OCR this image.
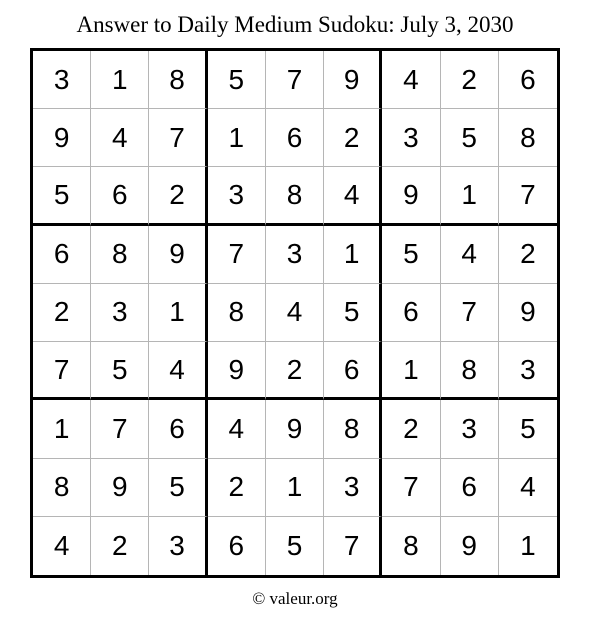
Answer to Daily Medium Sudoku: July 3, 2030
3	1	8	5	7	9	4	2	6
9	4	7	1	6	2	3	5	8
5	6	2	3	8	4	9	1	7
6	8	9	7	3	1	5	4	2
2	3	1	8	4	5	6	7	9
7	5	4	9	2	6	1	8	3
1	7	6	4	9	8	2	3	5
8	9	5	2	1	3	7	6	4
4	2	3	6	5	7	8	9	1
© valeur.org
